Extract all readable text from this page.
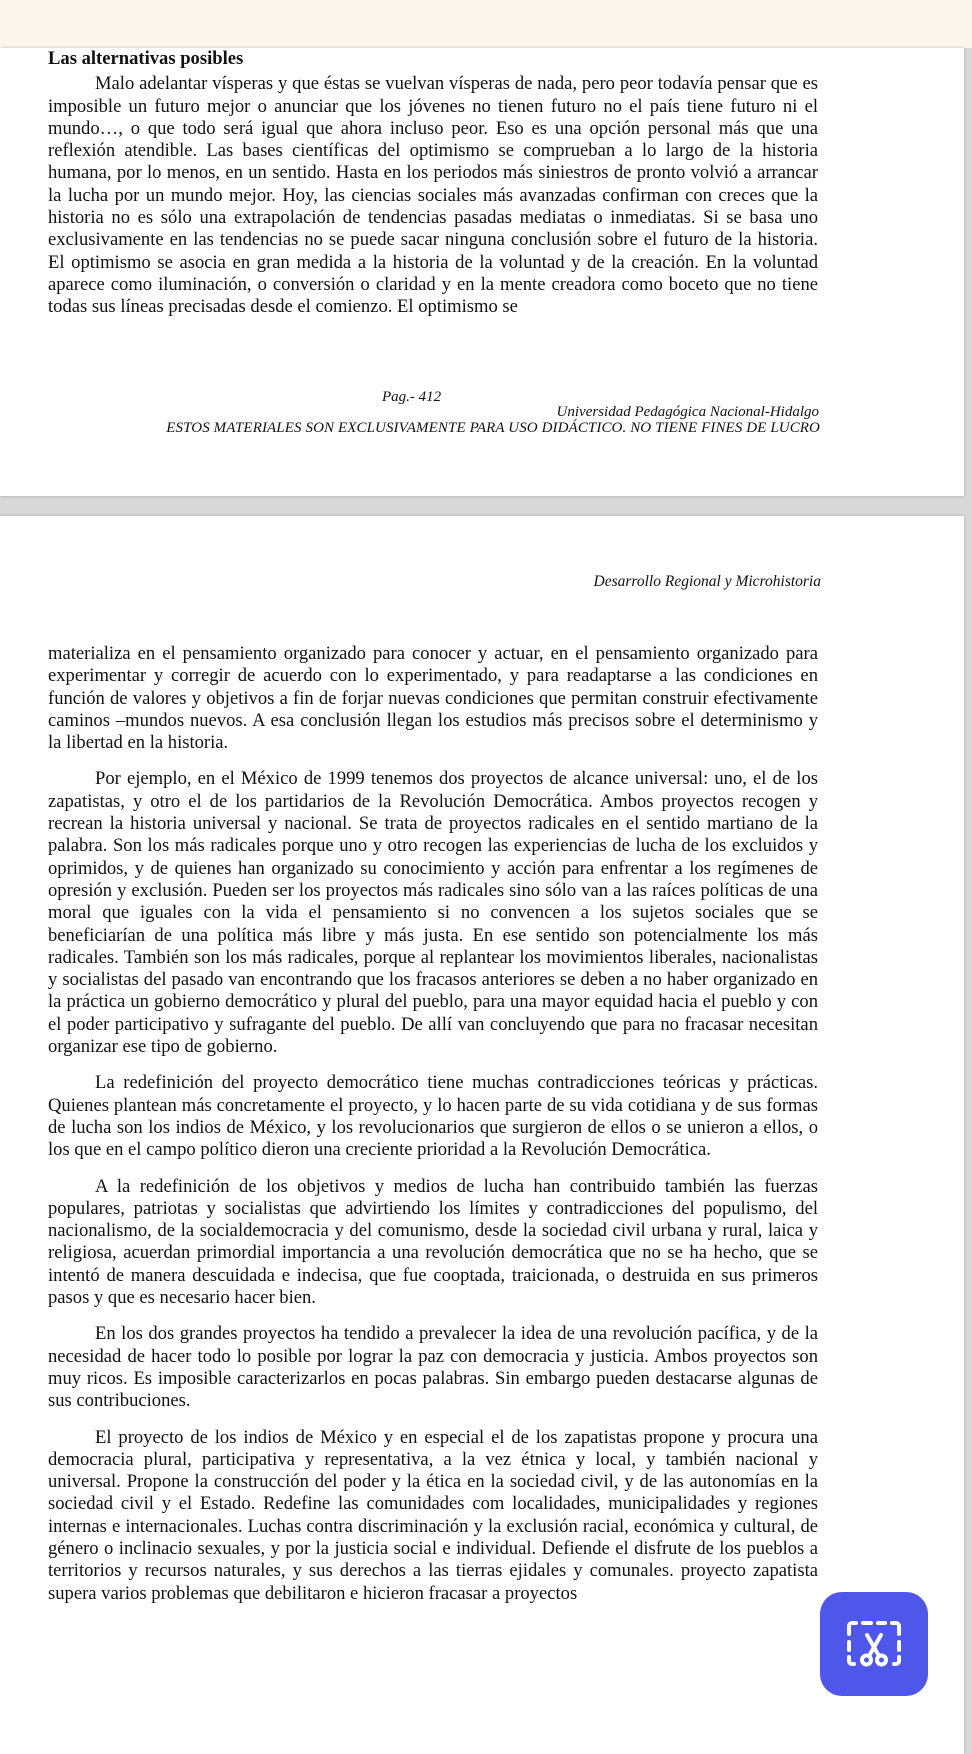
Las alternativas posibles

Malo adelantar vísperas y que éstas se vuelvan vísperas de nada, pero peor todavía pensar que es imposible un futuro mejor o anunciar que los jóvenes no tienen futuro no el país tiene futuro ni el mundo…, o que todo será igual que ahora incluso peor. Eso es una opción personal más que una reflexión atendible. Las bases científicas del optimismo se comprueban a lo largo de la historia humana, por lo menos, en un sentido. Hasta en los periodos más siniestros de pronto volvió a arrancar la lucha por un mundo mejor. Hoy, las ciencias sociales más avanzadas confirman con creces que la historia no es sólo una extrapolación de tendencias pasadas mediatas o inmediatas. Si se basa uno exclusivamente en las tendencias no se puede sacar ninguna conclusión sobre el futuro de la historia. El optimismo se asocia en gran medida a la historia de la voluntad y de la creación. En la voluntad aparece como iluminación, o conversión o claridad y en la mente creadora como boceto que no tiene todas sus líneas precisadas desde el comienzo. El optimismo se

Pag.- 412
Universidad Pedagógica Nacional-Hidalgo
ESTOS MATERIALES SON EXCLUSIVAMENTE PARA USO DIDÁCTICO. NO TIENE FINES DE LUCRO
Desarrollo Regional y Microhistoria

materializa en el pensamiento organizado para conocer y actuar, en el pensamiento organizado para experimentar y corregir de acuerdo con lo experimentado, y para readaptarse a las condiciones en función de valores y objetivos a fin de forjar nuevas condiciones que permitan construir efectivamente caminos –mundos nuevos. A esa conclusión llegan los estudios más precisos sobre el determinismo y la libertad en la historia.

Por ejemplo, en el México de 1999 tenemos dos proyectos de alcance universal: uno, el de los zapatistas, y otro el de los partidarios de la Revolución Democrática. Ambos proyectos recogen y recrean la historia universal y nacional. Se trata de proyectos radicales en el sentido martiano de la palabra. Son los más radicales porque uno y otro recogen las experiencias de lucha de los excluidos y oprimidos, y de quienes han organizado su conocimiento y acción para enfrentar a los regímenes de opresión y exclusión. Pueden ser los proyectos más radicales sino sólo van a las raíces políticas de una moral que iguales con la vida el pensamiento si no convencen a los sujetos sociales que se beneficiarían de una política más libre y más justa. En ese sentido son potencialmente los más radicales. También son los más radicales, porque al replantear los movimientos liberales, nacionalistas y socialistas del pasado van encontrando que los fracasos anteriores se deben a no haber organizado en la práctica un gobierno democrático y plural del pueblo, para una mayor equidad hacia el pueblo y con el poder participativo y sufragante del pueblo. De allí van concluyendo que para no fracasar necesitan organizar ese tipo de gobierno.

La redefinición del proyecto democrático tiene muchas contradicciones teóricas y prácticas. Quienes plantean más concretamente el proyecto, y lo hacen parte de su vida cotidiana y de sus formas de lucha son los indios de México, y los revolucionarios que surgieron de ellos o se unieron a ellos, o los que en el campo político dieron una creciente prioridad a la Revolución Democrática.

A la redefinición de los objetivos y medios de lucha han contribuido también las fuerzas populares, patriotas y socialistas que advirtiendo los límites y contradicciones del populismo, del nacionalismo, de la socialdemocracia y del comunismo, desde la sociedad civil urbana y rural, laica y religiosa, acuerdan primordial importancia a una revolución democrática que no se ha hecho, que se intentó de manera descuidada e indecisa, que fue cooptada, traicionada, o destruida en sus primeros pasos y que es necesario hacer bien.

En los dos grandes proyectos ha tendido a prevalecer la idea de una revolución pacífica, y de la necesidad de hacer todo lo posible por lograr la paz con democracia y justicia. Ambos proyectos son muy ricos. Es imposible caracterizarlos en pocas palabras. Sin embargo pueden destacarse algunas de sus contribuciones.

El proyecto de los indios de México y en especial el de los zapatistas propone y procura una democracia plural, participativa y representativa, a la vez étnica y local, y también nacional y universal. Propone la construcción del poder y la ética en la sociedad civil, y de las autonomías en la sociedad civil y el Estado. Redefine las comunidades com localidades, municipalidades y regiones internas e internacionales. Luchas contra discriminación y la exclusión racial, económica y cultural, de género o inclinacio sexuales, y por la justicia social e individual. Defiende el disfrute de los pueblos a territorios y recursos naturales, y sus derechos a las tierras ejidales y comunales. proyecto zapatista supera varios problemas que debilitaron e hicieron fracasar a proyectos
